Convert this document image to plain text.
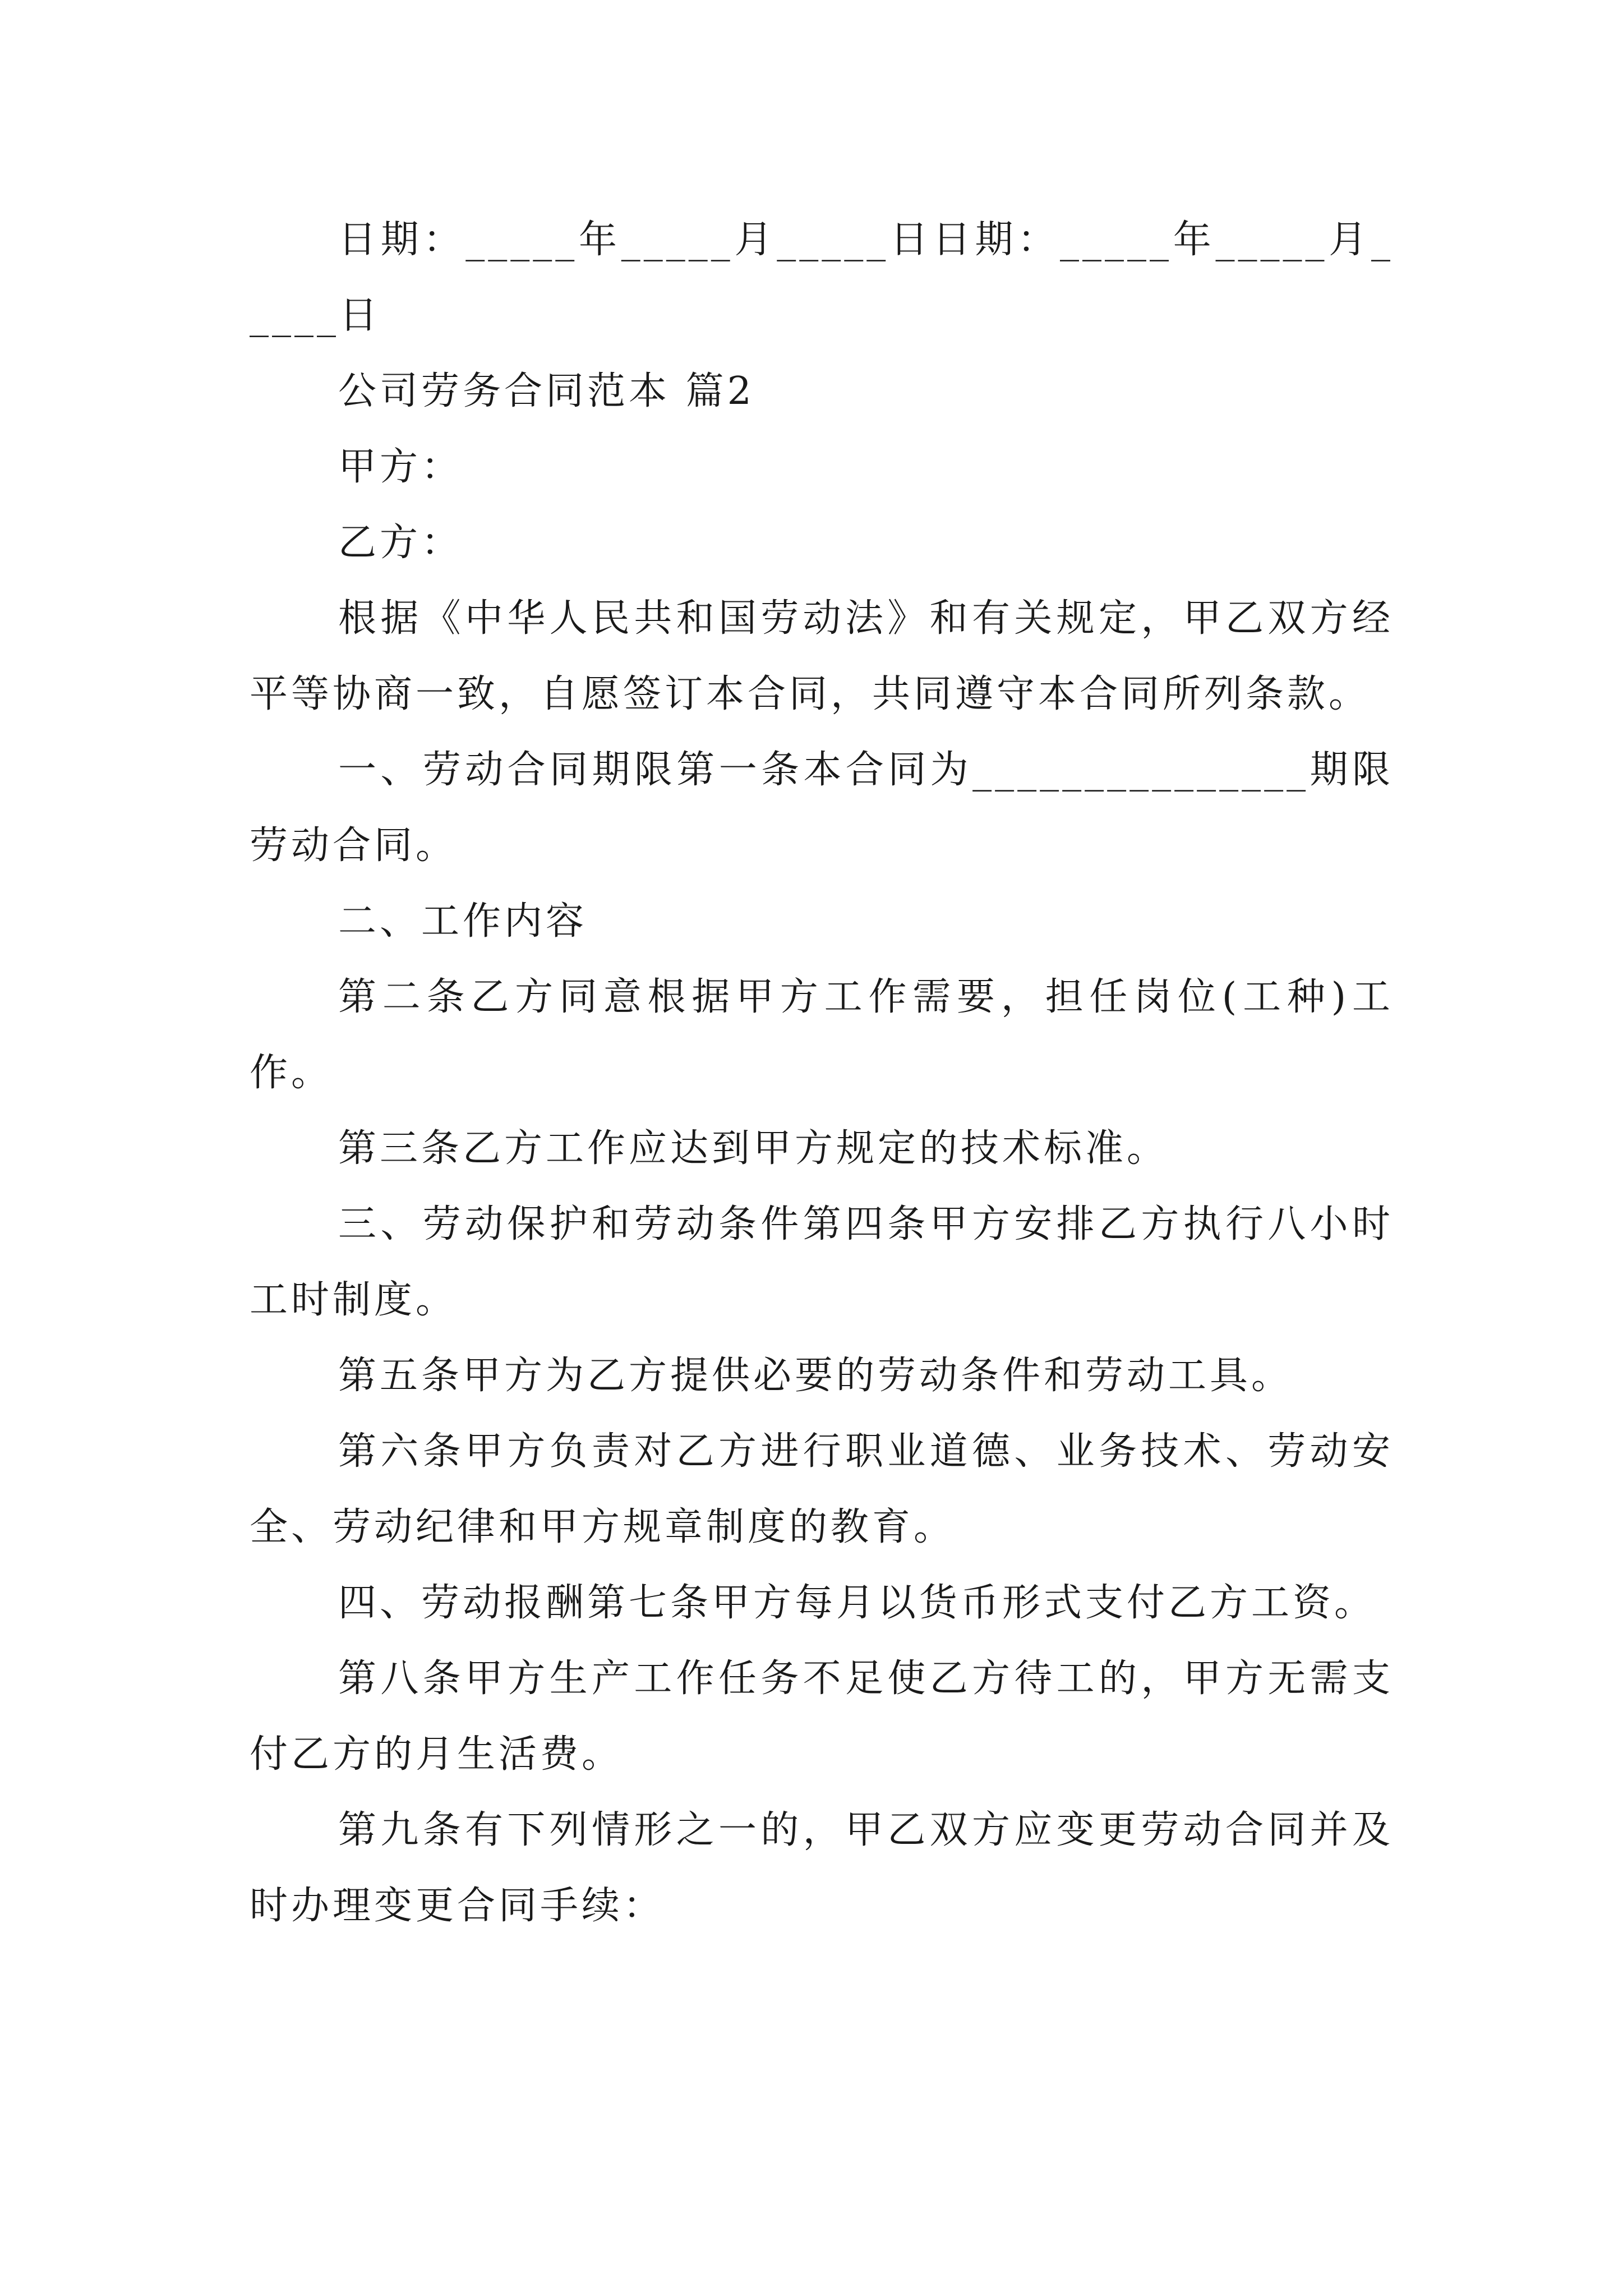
日期：_____年_____月_____日日期：_____年_____月_____日

公司劳务合同范本 篇2

甲方：

乙方：

根据《中华人民共和国劳动法》和有关规定，甲乙双方经平等协商一致，自愿签订本合同，共同遵守本合同所列条款。

一、劳动合同期限第一条本合同为_______________期限劳动合同。

二、工作内容

第二条乙方同意根据甲方工作需要，担任岗位(工种)工作。

第三条乙方工作应达到甲方规定的技术标准。

三、劳动保护和劳动条件第四条甲方安排乙方执行八小时工时制度。

第五条甲方为乙方提供必要的劳动条件和劳动工具。

第六条甲方负责对乙方进行职业道德、业务技术、劳动安全、劳动纪律和甲方规章制度的教育。

四、劳动报酬第七条甲方每月以货币形式支付乙方工资。

第八条甲方生产工作任务不足使乙方待工的，甲方无需支付乙方的月生活费。

第九条有下列情形之一的，甲乙双方应变更劳动合同并及时办理变更合同手续：
